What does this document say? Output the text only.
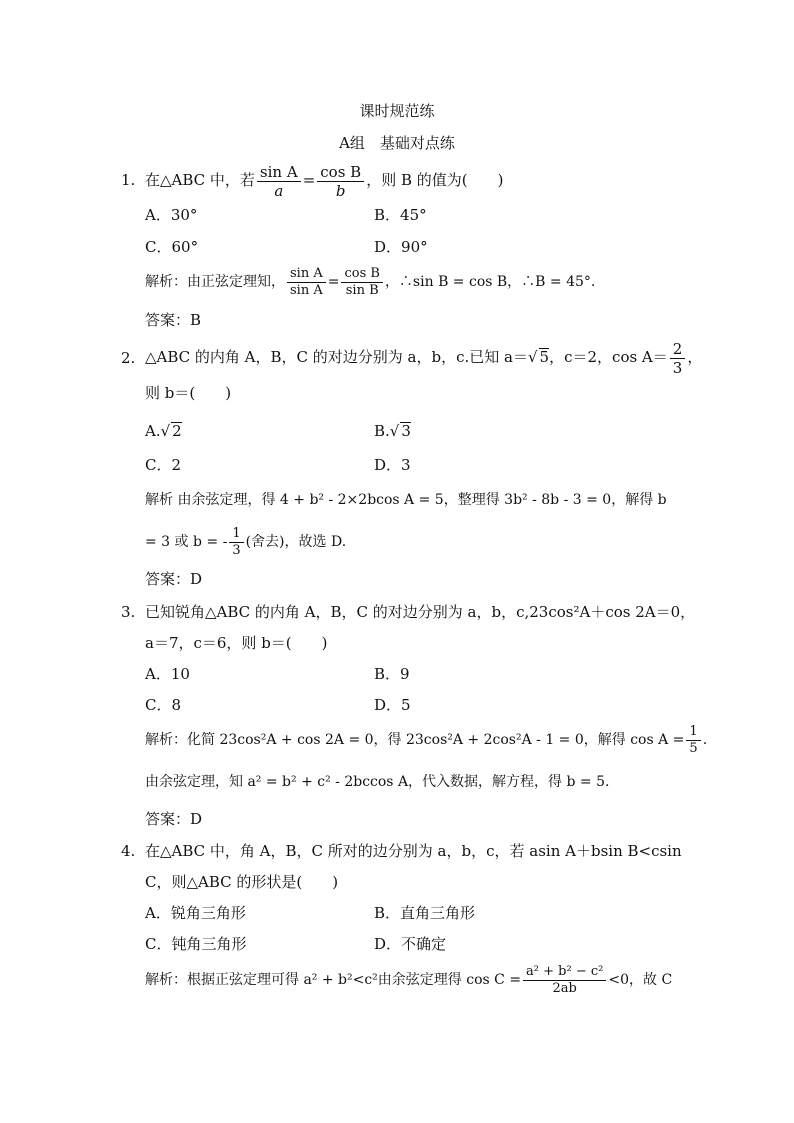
课时规范练
A组　基础对点练
1. 在△ABC 中，若 $\frac{\text{sin A}}{a} = \frac{\text{cos B}}{b}$ ，则 B 的值为(　　)
A．30°	B．45°
C．60°	D．90°
解析：由正弦定理知， $\frac{\text{sin A}}{\text{sin A}} = \frac{\text{cos B}}{\text{sin B}}$ ，∴sin B = cos B，∴B = 45°.
答案：B
2. △ABC 的内角 A，B，C 的对边分别为 a，b，c.已知 a＝√ 5，c＝2，$\cos A= \frac{2}{3}$ ，
则 b＝(　　)
A.√ 2	B.√ 3
C．2	D．3
解析 由余弦定理，得 4 + b² - 2×2bcos A = 5，整理得 3b² - 8b - 3 = 0，解得 b
= 3 或 b = - $\frac{1}{3}$ (舍去)，故选 D.
答案：D
3. 已知锐角△ABC 的内角 A，B，C 的对边分别为 a，b，c,23cos²A＋cos 2A＝0，
a＝7，c＝6，则 b＝(　　)
A．10	B．9
C．8	D．5
解析：化简 23cos²A + cos 2A = 0，得 23cos²A + 2cos²A - 1 = 0，解得 $\cos A = \frac{1}{5}$ .
由余弦定理，知 a² = b² + c² - 2bccos A，代入数据，解方程，得 b = 5.
答案：D
4. 在△ABC 中，角 A，B，C 所对的边分别为 a，b，c，若 asin A＋bsin B<csin
C，则△ABC 的形状是(　　)
A．锐角三角形	B．直角三角形
C．钝角三角形	D．不确定
解析：根据正弦定理可得 a² + b²<c²由余弦定理得 $\cos C = \frac{\text{a² + b² − c²}}{2ab} <0$，故 C
